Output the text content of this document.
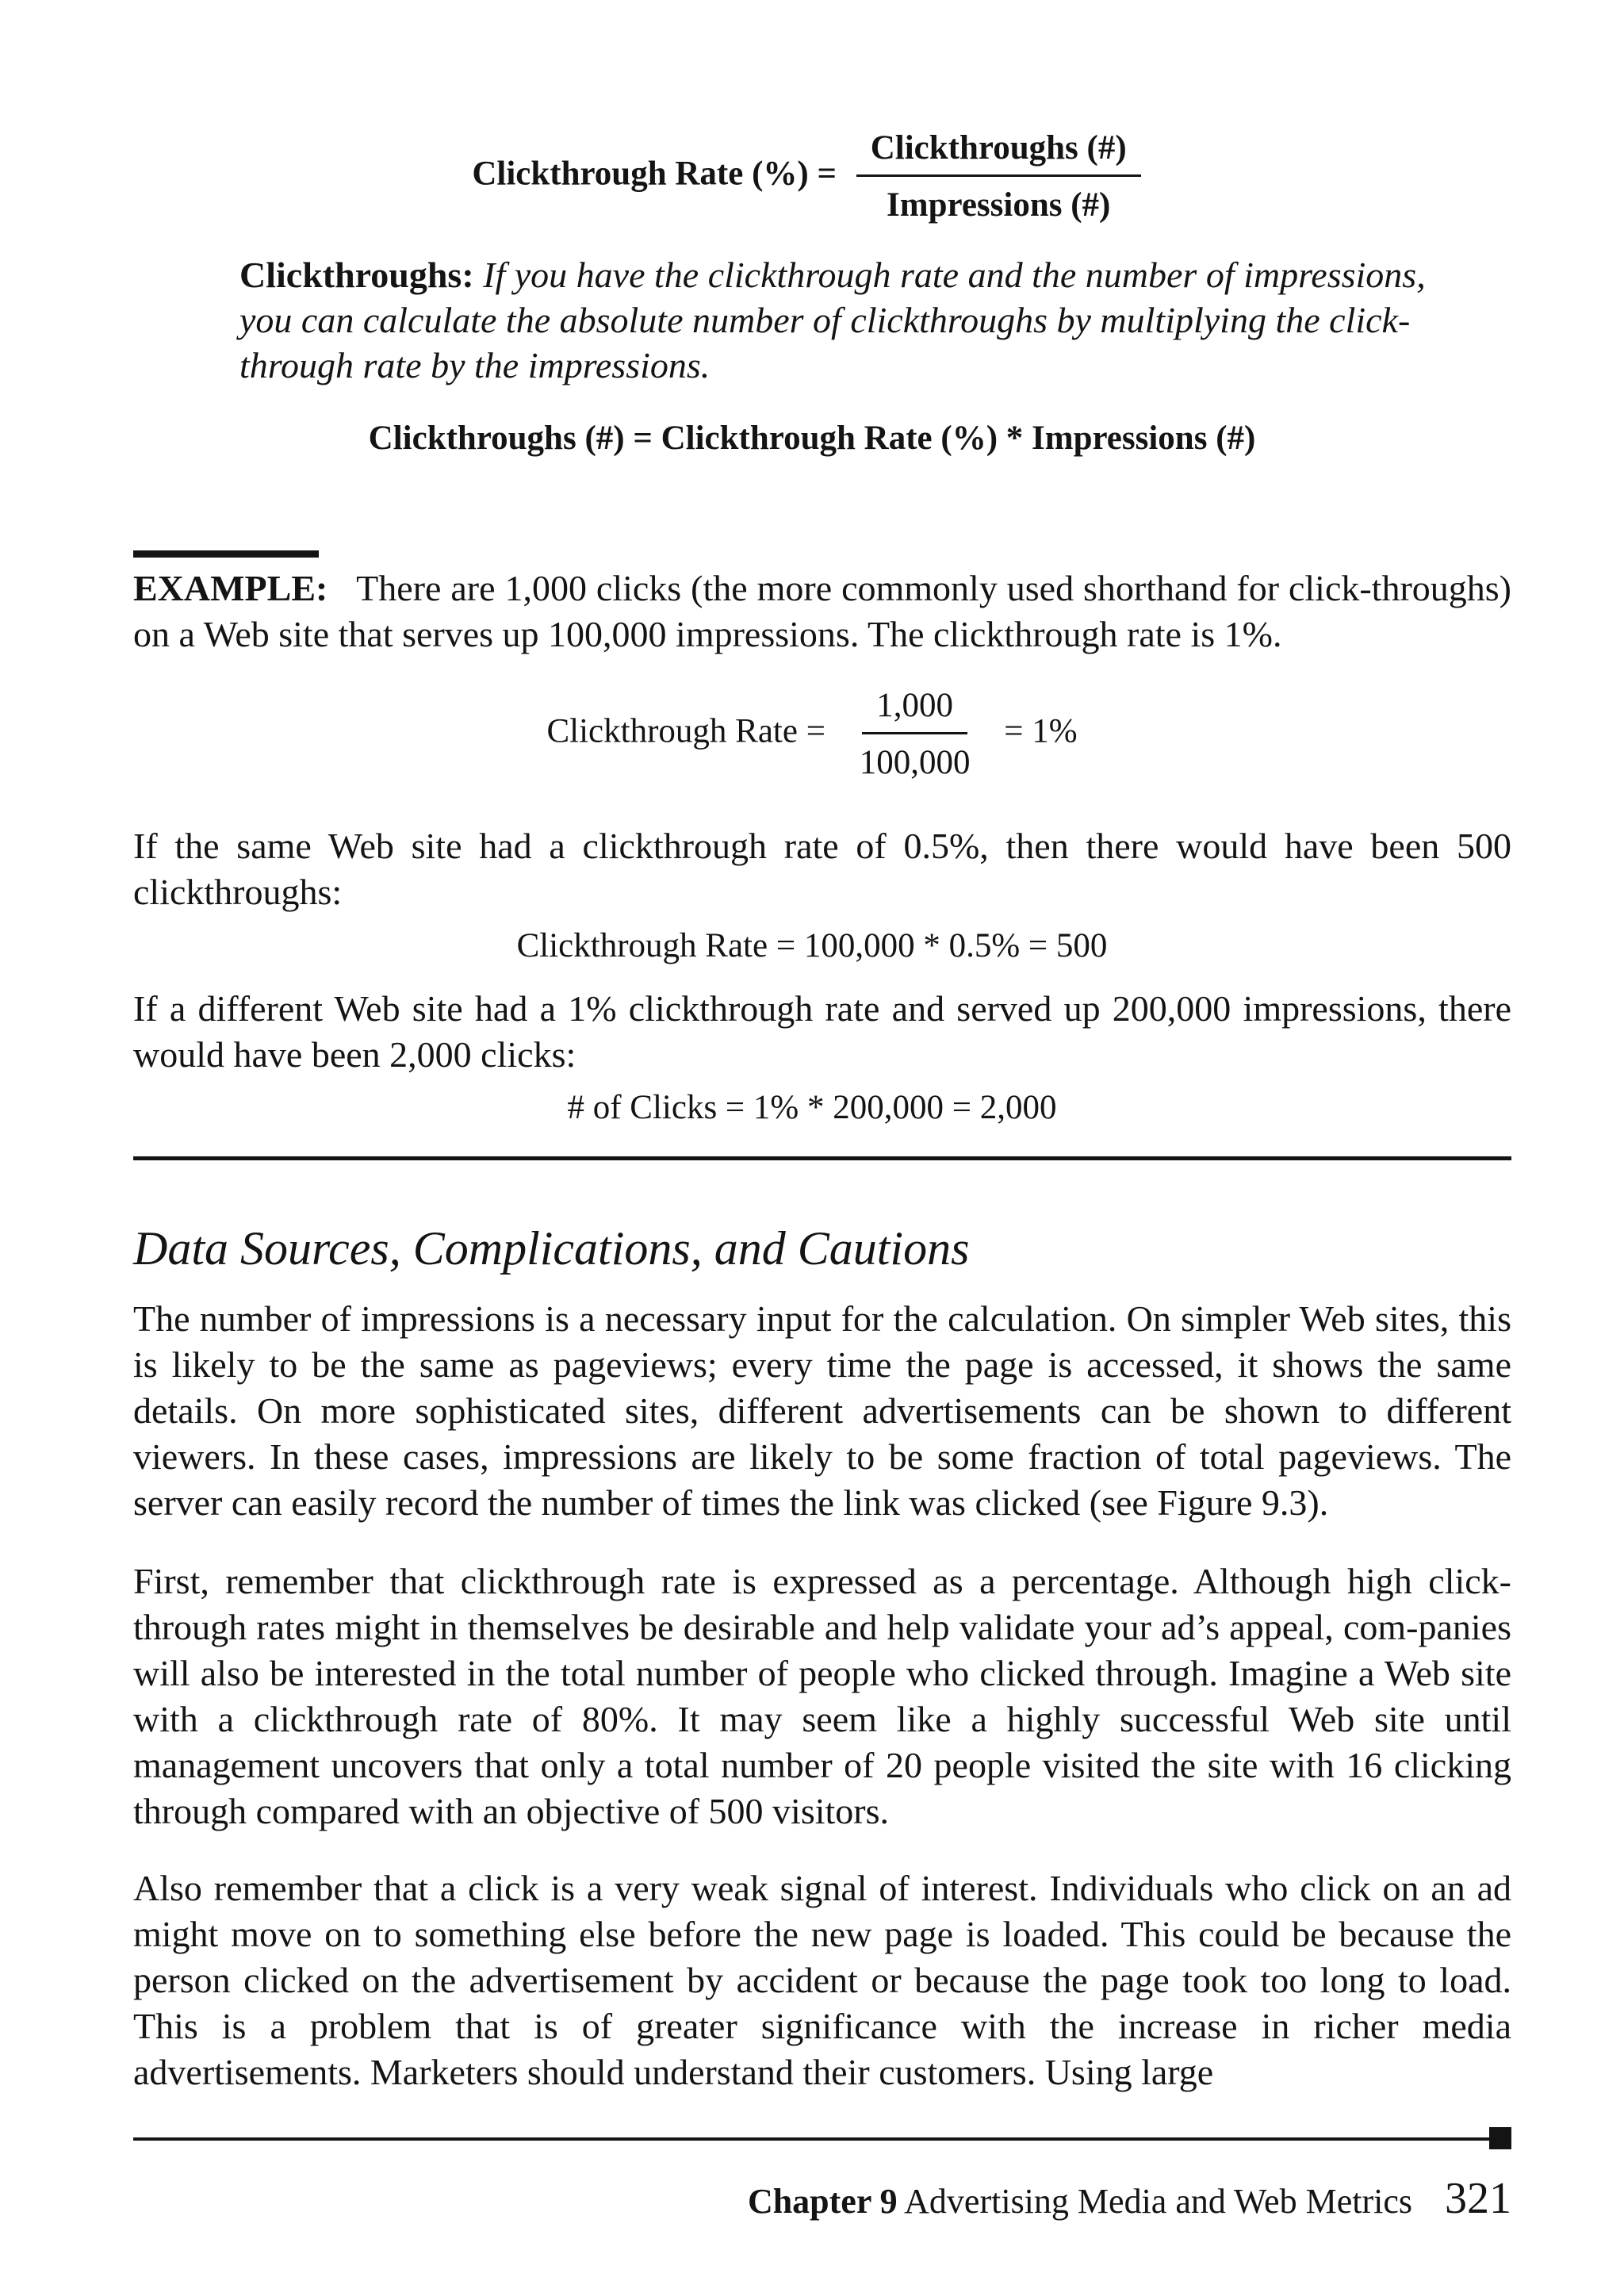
Clickthrough Rate (%) = $\frac{\text{Clickthroughs (\#)}}{\text{Impressions (\#)}}$
Clickthroughs: If you have the clickthrough rate and the number of impressions, you can calculate the absolute number of clickthroughs by multiplying the click-through rate by the impressions.
Clickthroughs (#) = Clickthrough Rate (%) * Impressions (#)
EXAMPLE: There are 1,000 clicks (the more commonly used shorthand for click-throughs) on a Web site that serves up 100,000 impressions. The clickthrough rate is 1%.
Clickthrough Rate = $\frac{1,000}{100,000} = 1\%$
If the same Web site had a clickthrough rate of 0.5%, then there would have been 500 clickthroughs:
Clickthrough Rate = 100,000 * 0.5% = 500
If a different Web site had a 1% clickthrough rate and served up 200,000 impressions, there would have been 2,000 clicks:
# of Clicks = 1% * 200,000 = 2,000
Data Sources, Complications, and Cautions
The number of impressions is a necessary input for the calculation. On simpler Web sites, this is likely to be the same as pageviews; every time the page is accessed, it shows the same details. On more sophisticated sites, different advertisements can be shown to different viewers. In these cases, impressions are likely to be some fraction of total pageviews. The server can easily record the number of times the link was clicked (see Figure 9.3).
First, remember that clickthrough rate is expressed as a percentage. Although high click-through rates might in themselves be desirable and help validate your ad’s appeal, com-panies will also be interested in the total number of people who clicked through. Imagine a Web site with a clickthrough rate of 80%. It may seem like a highly successful Web site until management uncovers that only a total number of 20 people visited the site with 16 clicking through compared with an objective of 500 visitors.
Also remember that a click is a very weak signal of interest. Individuals who click on an ad might move on to something else before the new page is loaded. This could be because the person clicked on the advertisement by accident or because the page took too long to load. This is a problem that is of greater significance with the increase in richer media advertisements. Marketers should understand their customers. Using large
Chapter 9 Advertising Media and Web Metrics 321
